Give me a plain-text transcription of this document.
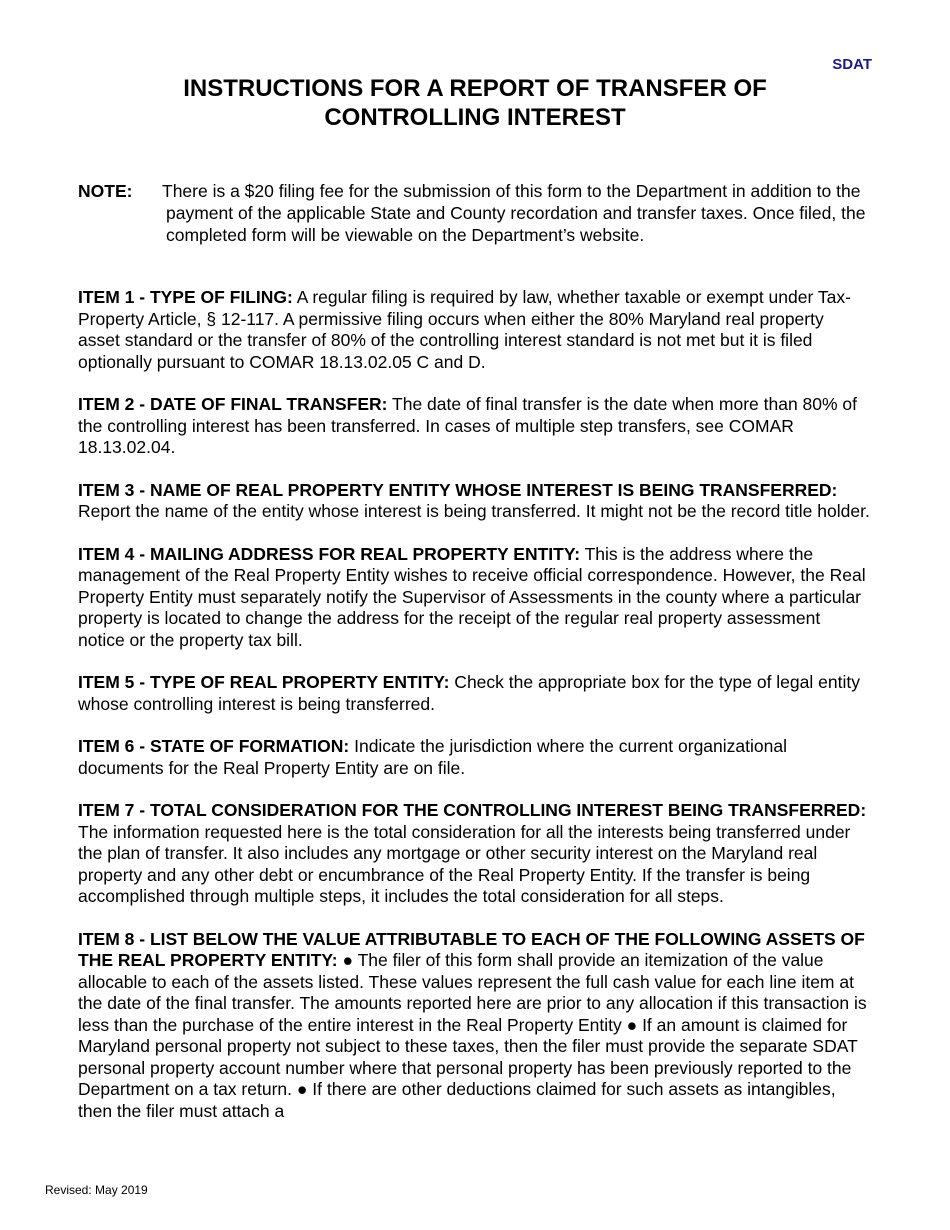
SDAT
INSTRUCTIONS FOR A REPORT OF TRANSFER OF
CONTROLLING INTEREST
NOTE: There is a $20 filing fee for the submission of this form to the Department in addition to the payment of the applicable State and County recordation and transfer taxes. Once filed, the completed form will be viewable on the Department’s website.

ITEM 1 - TYPE OF FILING: A regular filing is required by law, whether taxable or exempt under Tax-Property Article, § 12-117. A permissive filing occurs when either the 80% Maryland real property asset standard or the transfer of 80% of the controlling interest standard is not met but it is filed optionally pursuant to COMAR 18.13.02.05 C and D.

ITEM 2 - DATE OF FINAL TRANSFER: The date of final transfer is the date when more than 80% of the controlling interest has been transferred. In cases of multiple step transfers, see COMAR 18.13.02.04.

ITEM 3 - NAME OF REAL PROPERTY ENTITY WHOSE INTEREST IS BEING TRANSFERRED: Report the name of the entity whose interest is being transferred. It might not be the record title holder.

ITEM 4 - MAILING ADDRESS FOR REAL PROPERTY ENTITY: This is the address where the management of the Real Property Entity wishes to receive official correspondence. However, the Real Property Entity must separately notify the Supervisor of Assessments in the county where a particular property is located to change the address for the receipt of the regular real property assessment notice or the property tax bill.

ITEM 5 - TYPE OF REAL PROPERTY ENTITY: Check the appropriate box for the type of legal entity whose controlling interest is being transferred.

ITEM 6 - STATE OF FORMATION: Indicate the jurisdiction where the current organizational documents for the Real Property Entity are on file.

ITEM 7 - TOTAL CONSIDERATION FOR THE CONTROLLING INTEREST BEING TRANSFERRED: The information requested here is the total consideration for all the interests being transferred under the plan of transfer. It also includes any mortgage or other security interest on the Maryland real property and any other debt or encumbrance of the Real Property Entity. If the transfer is being accomplished through multiple steps, it includes the total consideration for all steps.

ITEM 8 - LIST BELOW THE VALUE ATTRIBUTABLE TO EACH OF THE FOLLOWING ASSETS OF THE REAL PROPERTY ENTITY: ● The filer of this form shall provide an itemization of the value allocable to each of the assets listed. These values represent the full cash value for each line item at the date of the final transfer. The amounts reported here are prior to any allocation if this transaction is less than the purchase of the entire interest in the Real Property Entity ● If an amount is claimed for Maryland personal property not subject to these taxes, then the filer must provide the separate SDAT personal property account number where that personal property has been previously reported to the Department on a tax return. ● If there are other deductions claimed for such assets as intangibles, then the filer must attach a

Revised: May 2019
